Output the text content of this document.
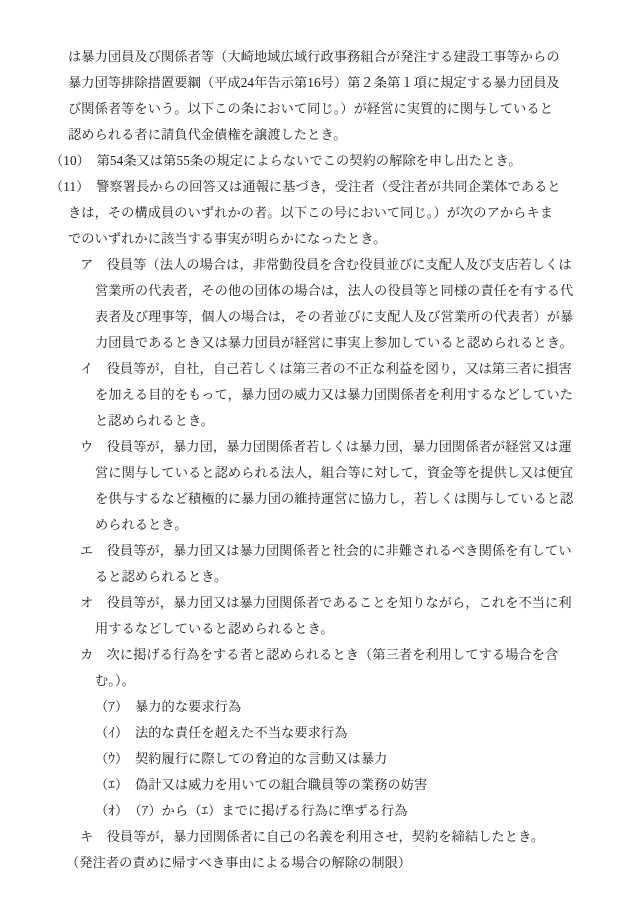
は暴力団員及び関係者等（大崎地域広域行政事務組合が発注する建設工事等からの
暴力団等排除措置要綱（平成24年告示第16号）第２条第１項に規定する暴力団員及
び関係者等をいう。以下この条において同じ。）が経営に実質的に関与していると
認められる者に請負代金債権を譲渡したとき。
（10）　第54条又は第55条の規定によらないでこの契約の解除を申し出たとき。
（11）　警察署長からの回答又は通報に基づき，受注者（受注者が共同企業体であると
きは，その構成員のいずれかの者。以下この号において同じ。）が次のアからキま
でのいずれかに該当する事実が明らかになったとき。
ア　役員等（法人の場合は，非常勤役員を含む役員並びに支配人及び支店若しくは
営業所の代表者，その他の団体の場合は，法人の役員等と同様の責任を有する代
表者及び理事等，個人の場合は，その者並びに支配人及び営業所の代表者）が暴
力団員であるとき又は暴力団員が経営に事実上参加していると認められるとき。
イ　役員等が，自社，自己若しくは第三者の不正な利益を図り，又は第三者に損害
を加える目的をもって，暴力団の威力又は暴力団関係者を利用するなどしていた
と認められるとき。
ウ　役員等が，暴力団，暴力団関係者若しくは暴力団，暴力団関係者が経営又は運
営に関与していると認められる法人，組合等に対して，資金等を提供し又は便宜
を供与するなど積極的に暴力団の維持運営に協力し，若しくは関与していると認
められるとき。
エ　役員等が，暴力団又は暴力団関係者と社会的に非難されるべき関係を有してい
ると認められるとき。
オ　役員等が，暴力団又は暴力団関係者であることを知りながら，これを不当に利
用するなどしていると認められるとき。
カ　次に掲げる行為をする者と認められるとき（第三者を利用してする場合を含
む。）。
（ｱ）　暴力的な要求行為
（ｲ）　法的な責任を超えた不当な要求行為
（ｳ）　契約履行に際しての脅迫的な言動又は暴力
（ｴ）　偽計又は威力を用いての組合職員等の業務の妨害
（ｵ）　（ｱ）から（ｴ）までに掲げる行為に準ずる行為
キ　役員等が，暴力団関係者に自己の名義を利用させ，契約を締結したとき。
（発注者の責めに帰すべき事由による場合の解除の制限）
